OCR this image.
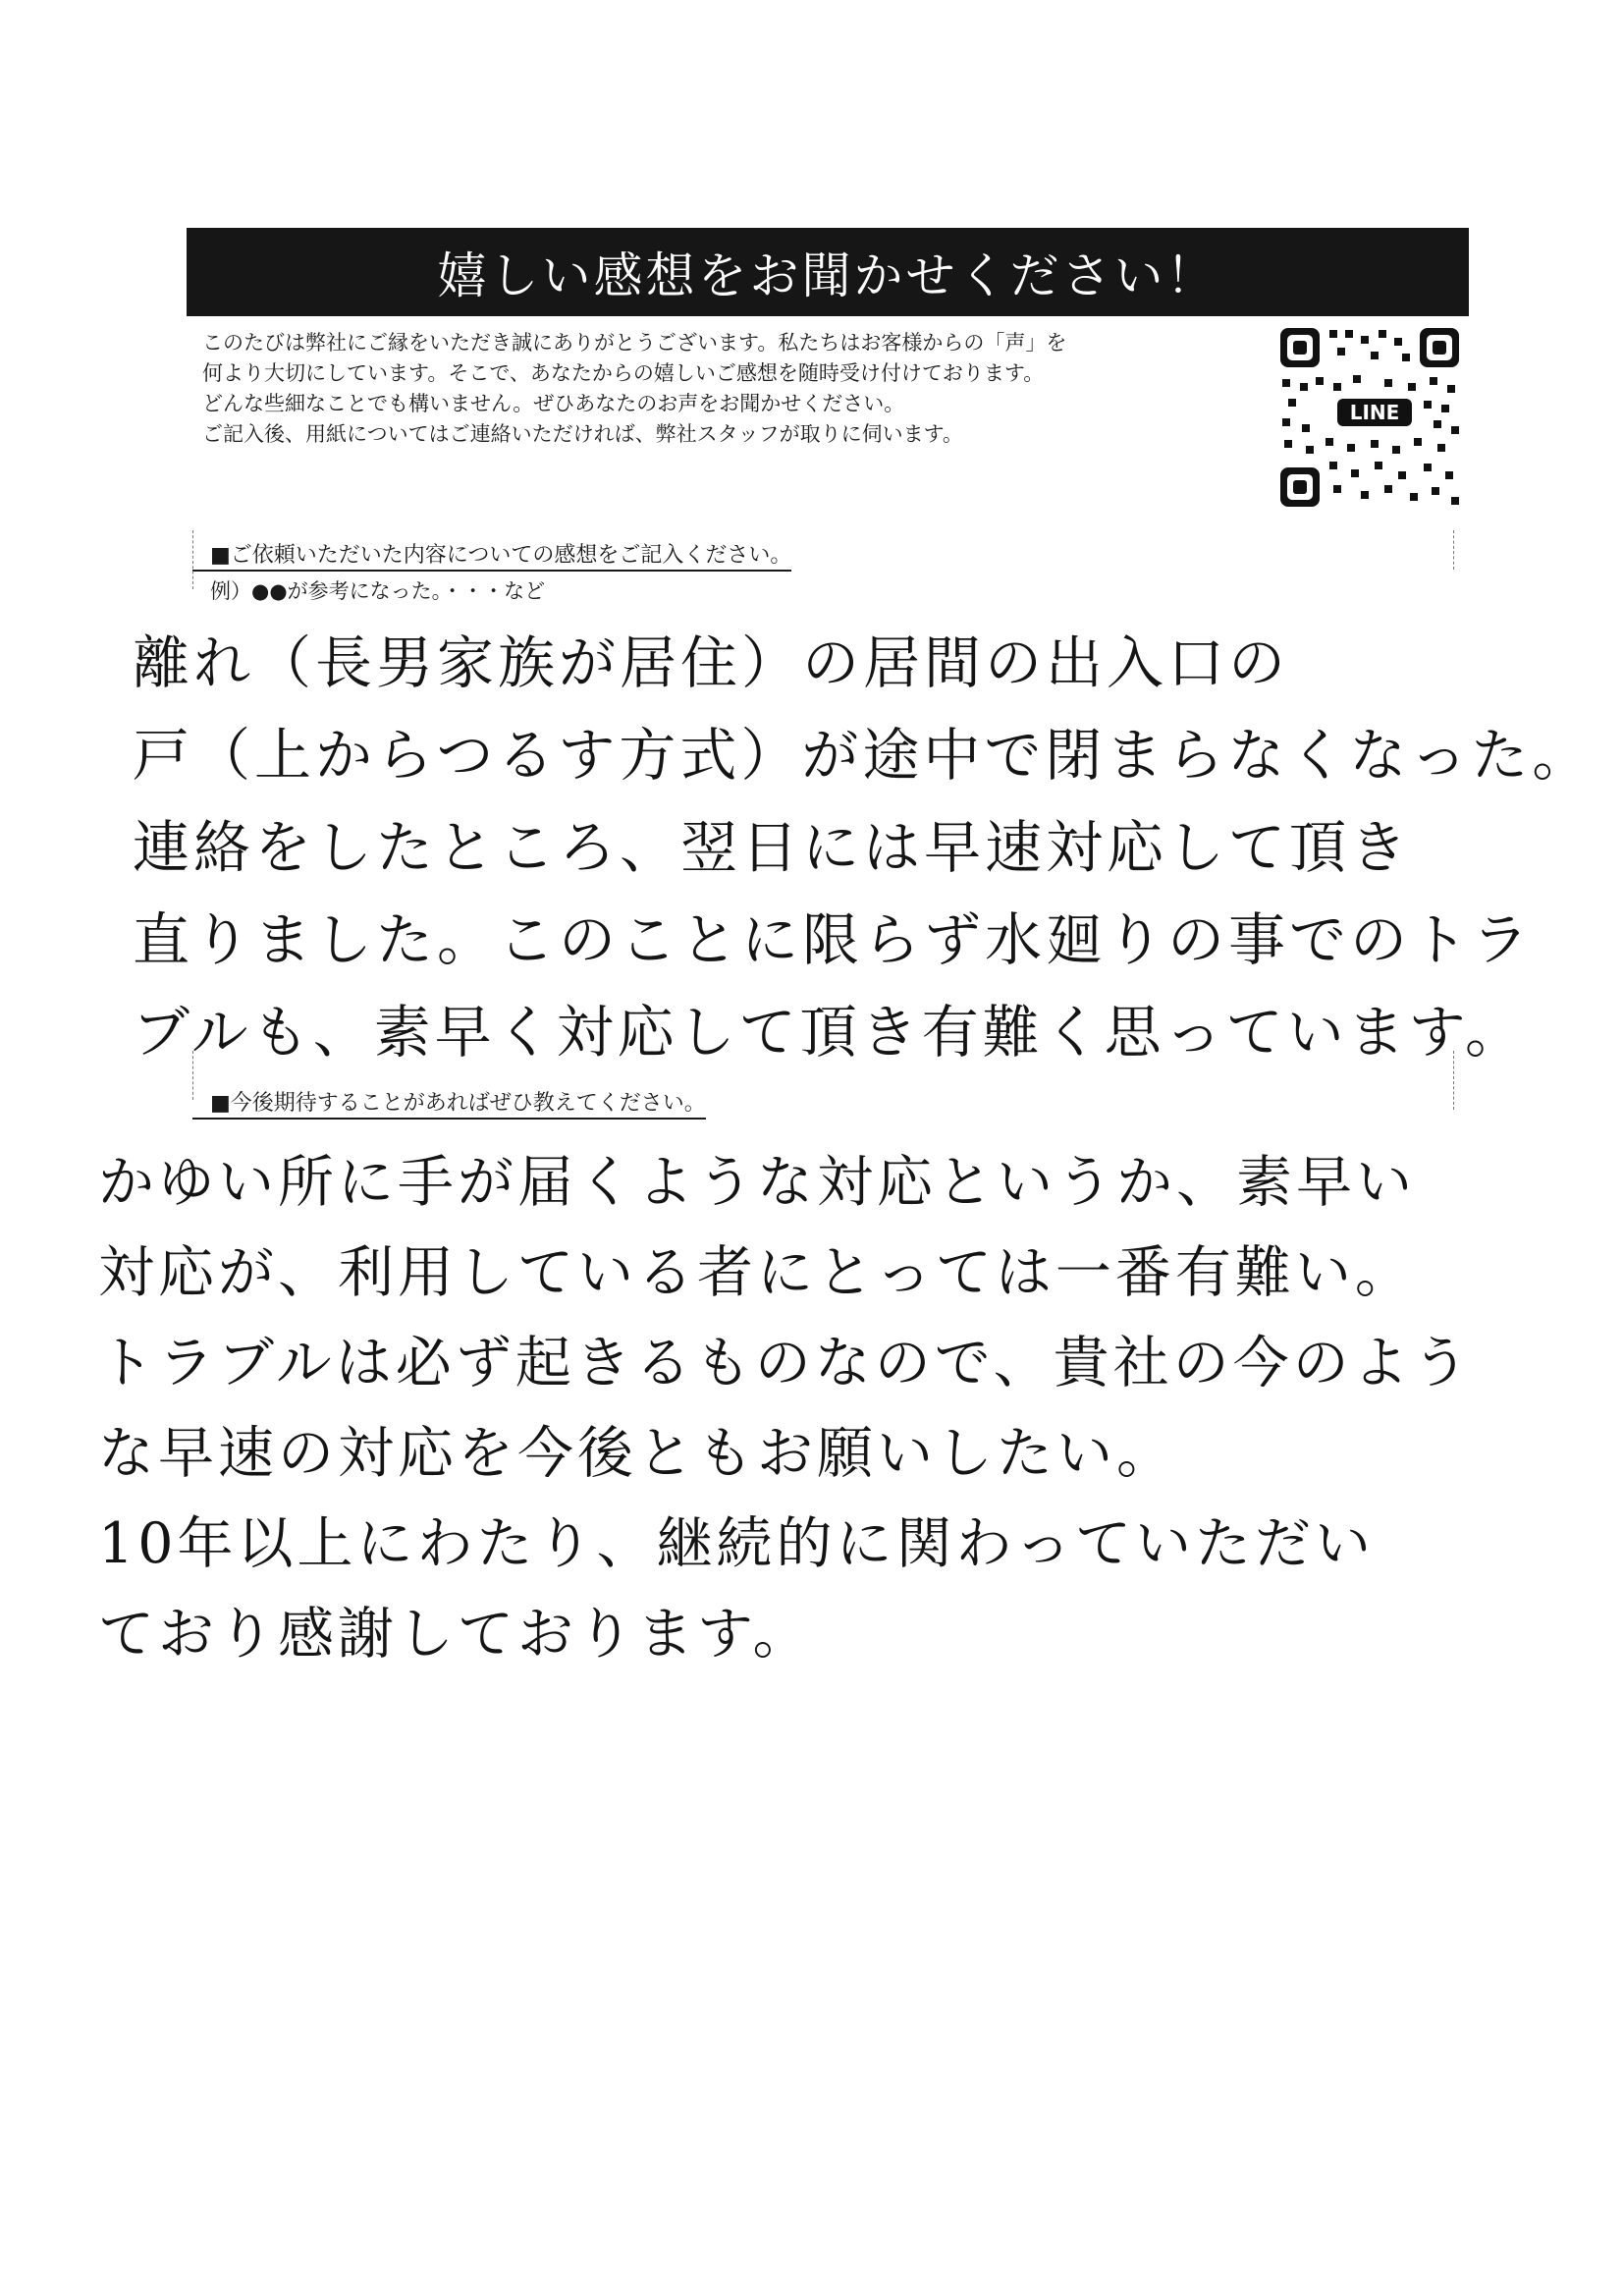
嬉しい感想をお聞かせください！
このたびは弊社にご縁をいただき誠にありがとうございます。私たちはお客様からの「声」を
何より大切にしています。そこで、あなたからの嬉しいご感想を随時受け付けております。
どんな些細なことでも構いません。ぜひあなたのお声をお聞かせください。
ご記入後、用紙についてはご連絡いただければ、弊社スタッフが取りに伺います。
LINE
■ご依頼いただいた内容についての感想をご記入ください。
例）●●が参考になった。・・・など
離れ（長男家族が居住）の居間の出入口の
戸（上からつるす方式）が途中で閉まらなくなった。
連絡をしたところ、翌日には早速対応して頂き
直りました。このことに限らず水廻りの事でのトラ
ブルも、素早く対応して頂き有難く思っています。
■今後期待することがあればぜひ教えてください。
かゆい所に手が届くような対応というか、素早い
対応が、利用している者にとっては一番有難い。
トラブルは必ず起きるものなので、貴社の今のよう
な早速の対応を今後ともお願いしたい。
10年以上にわたり、継続的に関わっていただい
ており感謝しております。
